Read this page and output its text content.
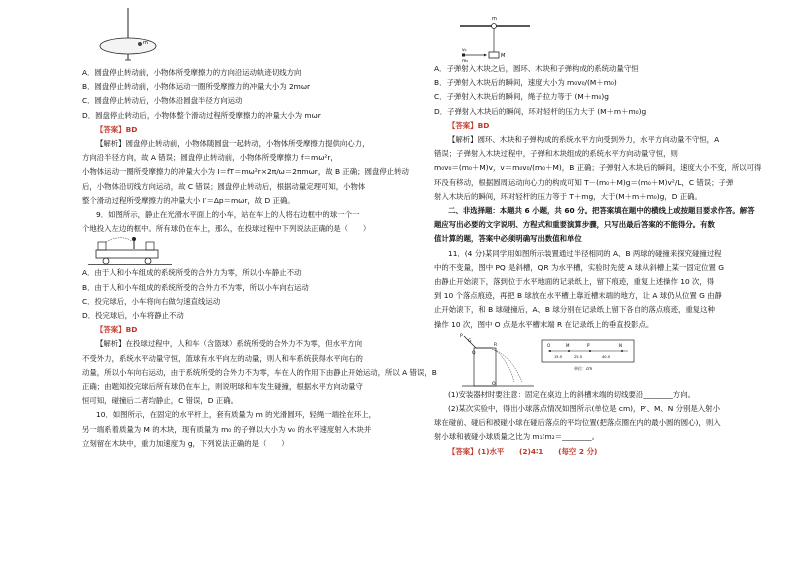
m
A．圆盘停止转动前，小物体所受摩擦力的方向沿运动轨迹切线方向
B．圆盘停止转动前，小物体运动一圈所受摩擦力的冲量大小为 2mωr
C．圆盘停止转动后，小物体沿圆盘半径方向运动
D．圆盘停止转动后，小物体整个滑动过程所受摩擦力的冲量大小为 mωr
【答案】BD
【解析】圆盘停止转动前，小物体随圆盘一起转动，小物体所受摩擦力提供向心力，
方向沿半径方向，故 A 错误；圆盘停止转动前，小物体所受摩擦力 f＝mω²r，
小物体运动一圈所受摩擦力的冲量大小为 I＝fT＝mω²r×2π/ω＝2πmωr，故 B 正确；圆盘停止转动
后，小物体沿切线方向运动，故 C 错误；圆盘停止转动后，根据动量定理可知，小物体
整个滑动过程所受摩擦力的冲量大小 I′＝Δp＝mωr，故 D 正确。
9．如图所示，静止在光滑水平面上的小车，站在车上的人将右边框中的球一个一
个地投入左边的框中。所有球仍在车上，那么，在投球过程中下列说法正确的是（　　）
A．由于人和小车组成的系统所受的合外力为零，所以小车静止不动
B．由于人和小车组成的系统所受的合外力不为零，所以小车向右运动
C．投完球后，小车将向右做匀速直线运动
D．投完球后，小车将静止不动
【答案】BD
【解析】在投球过程中，人和车（含篮球）系统所受的合外力不为零，但水平方向
不受外力，系统水平动量守恒，篮球有水平向左的动量，则人和车系统获得水平向右的
动量，所以小车向右运动，由于系统所受的合外力不为零，车在人的作用下由静止开始运动，所以 A 错误，B
正确；由题知投完球后所有球仍在车上，则说明球和车发生碰撞，根据水平方向动量守
恒可知，碰撞后二者均静止，C 错误，D 正确。
10．如图所示，在固定的水平杆上，套有质量为 m 的光滑圆环，轻绳一端拴在环上，
另一端系着质量为 M 的木块，现有质量为 m₀ 的子弹以大小为 v₀ 的水平速度射入木块并
立刻留在木块中，重力加速度为 g，下列说法正确的是（　　）
m
M
v₀
m₀
A．子弹射入木块之后，圆环、木块和子弹构成的系统动量守恒
B．子弹射入木块后的瞬间，速度大小为 m₀v₀/(M＋m₀)
C．子弹射入木块后的瞬间，绳子拉力等于 (M＋m₀)g
D．子弹射入木块后的瞬间，环对轻杆的压力大于 (M＋m＋m₀)g
【答案】BD
【解析】圆环、木块和子弹构成的系统水平方向受到外力，水平方向动量不守恒，A
错误；子弹射入木块过程中，子弹和木块组成的系统水平方向动量守恒，则
m₀v₀＝(m₀＋M)v，v＝m₀v₀/(m₀＋M)，B 正确；子弹射入木块后的瞬间，速度大小不变，所以可得
环没有移动，根据圆周运动向心力的构成可知 T－(m₀＋M)g＝(m₀＋M)v²/L，C 错误；子弹
射入木块后的瞬间，环对轻杆的压力等于 T＋mg，大于(M＋m＋m₀)g，D 正确。
二、非选择题：本题共 6 小题，共 60 分。把答案填在题中的横线上或按题目要求作答。解答
题应写出必要的文字说明、方程式和重要演算步骤，只写出最后答案的不能得分。有数
值计算的题，答案中必须明确写出数值和单位
11．(4 分)某同学用如图所示装置通过半径相同的 A、B 两球的碰撞来探究碰撞过程
中的不变量，图中 PQ 是斜槽，QR 为水平槽，实验时先使 A 球从斜槽上某一固定位置 G
由静止开始滚下，落到位于水平地面的记录纸上，留下痕迹，重复上述操作 10 次，得
到 10 个落点痕迹，再把 B 球放在水平槽上靠近槽末端的地方，让 A 球仍从位置 G 由静
止开始滚下，和 B 球碰撞后，A、B 球分别在记录纸上留下各自的落点痕迹，重复这种
操作 10 次，图中 O 点是水平槽末端 R 在记录纸上的垂直投影点。
P
G
Q
R
O
O	M	P′	N
15.5	25.5	40.0
单位：cm
(1)安装器材时要注意：固定在桌边上的斜槽末端的切线要沿________方向。
(2)某次实验中，得出小球落点情况如图所示(单位是 cm)，P′、M、N 分别是入射小
球在碰前、碰后和被碰小球在碰后落点的平均位置(把落点圈在内的最小圆的圆心)，则入
射小球和被碰小球质量之比为 m₁∶m₂＝________。
【答案】(1)水平　　(2)4∶1　　(每空 2 分)
